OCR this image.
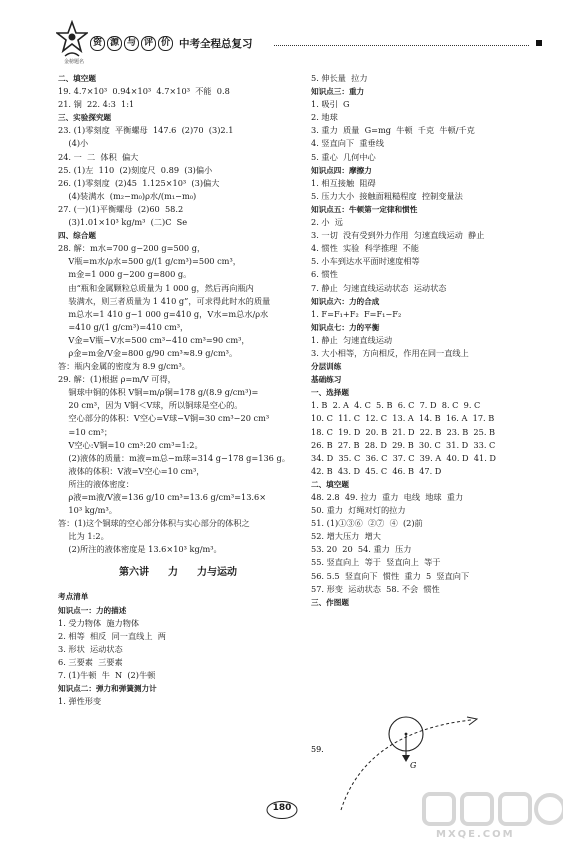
金榜题名
资 源 与 评 价 中考全程总复习
二、填空题
19. 4.7×10³  0.94×10³  4.7×10³  不能  0.8
21. 铜  22. 4:3  1:1
三、实验探究题
23. (1)零刻度  平衡螺母  147.6  (2)70  (3)2.1
(4)小
24. 一  二  体积  偏大
25. (1)左  110  (2)刻度尺  0.89  (3)偏小
26. (1)零刻度  (2)45  1.125×10³  (3)偏大
(4)装满水  (m₂−m₀)ρ水/(m₁−m₀)
27. (一)(1)平衡螺母  (2)60  58.2
(3)1.01×10³ kg/m³  (二)C  Se
四、综合题
28. 解：m水=700 g−200 g=500 g，
V瓶=m水/ρ水=500 g/(1 g/cm³)=500 cm³，
m金=1 000 g−200 g=800 g。
由“瓶和金属颗粒总质量为 1 000 g，然后再向瓶内
装满水，则三者质量为 1 410 g”，可求得此时水的质量
m总水=1 410 g−1 000 g=410 g，V水=m总水/ρ水
=410 g/(1 g/cm³)=410 cm³，
V金=V瓶−V水=500 cm³−410 cm³=90 cm³，
ρ金=m金/V金=800 g/90 cm³≈8.9 g/cm³。
答：瓶内金属的密度为 8.9 g/cm³。
29. 解：(1)根据 ρ=m/V 可得，
铜球中铜的体积 V铜=m/ρ铜=178 g/(8.9 g/cm³)=
20 cm³，因为 V铜＜V球，所以铜球是空心的。
空心部分的体积：V空心=V球−V铜=30 cm³−20 cm³
=10 cm³；
V空心:V铜=10 cm³:20 cm³=1:2。
(2)液体的质量：m液=m总−m球=314 g−178 g=136 g。
液体的体积：V液=V空心=10 cm³，
所注的液体密度：
ρ液=m液/V液=136 g/10 cm³=13.6 g/cm³=13.6×
10³ kg/m³。
答：(1)这个铜球的空心部分体积与实心部分的体积之
比为 1:2。
(2)所注的液体密度是 13.6×10³ kg/m³。
第六讲  力  力与运动
考点清单
知识点一：力的描述
1. 受力物体  施力物体
2. 相等  相反  同一直线上  两
3. 形状  运动状态
6. 三要素  三要素
7. (1)牛顿  牛  N  (2)牛顿
知识点二：弹力和弹簧测力计
1. 弹性形变
5. 伸长量  拉力
知识点三：重力
1. 吸引  G
2. 地球
3. 重力  质量  G=mg  牛顿  千克  牛顿/千克
4. 竖直向下  重垂线
5. 重心  几何中心
知识点四：摩擦力
1. 相互接触  阻碍
5. 压力大小  接触面粗糙程度  控制变量法
知识点五：牛顿第一定律和惯性
2. 小  远
3. 一切  没有受到外力作用  匀速直线运动  静止
4. 惯性  实验  科学推理  不能
5. 小车到达水平面时速度相等
6. 惯性
7. 静止  匀速直线运动状态  运动状态
知识点六：力的合成
1. F=F₁+F₂  F=F₁−F₂
知识点七：力的平衡
1. 静止  匀速直线运动
3. 大小相等，方向相反，作用在同一直线上
分层训练
基础练习
一、选择题
1. B  2. A  4. C  5. B  6. C  7. D  8. C  9. C
10. C  11. C  12. C  13. A  14. B  16. A  17. B
18. C  19. D  20. B  21. D  22. B  23. B  25. B
26. B  27. B  28. D  29. B  30. C  31. D  33. C
34. D  35. C  36. C  37. C  39. A  40. D  41. D
42. B  43. D  45. C  46. B  47. D
二、填空题
48. 2.8  49. 拉力  重力  电线  地球  重力
50. 重力  灯绳对灯的拉力
51. (1)①③⑥  ②⑦  ④  (2)前
52. 增大压力  增大
53. 20  20  54. 重力  压力
55. 竖直向上  等于  竖直向上  等于
56. 5.5  竖直向下  惯性  重力  5  竖直向下
57. 形变  运动状态  58. 不会  惯性
三、作图题
59.
G
180
MXQE.COM
